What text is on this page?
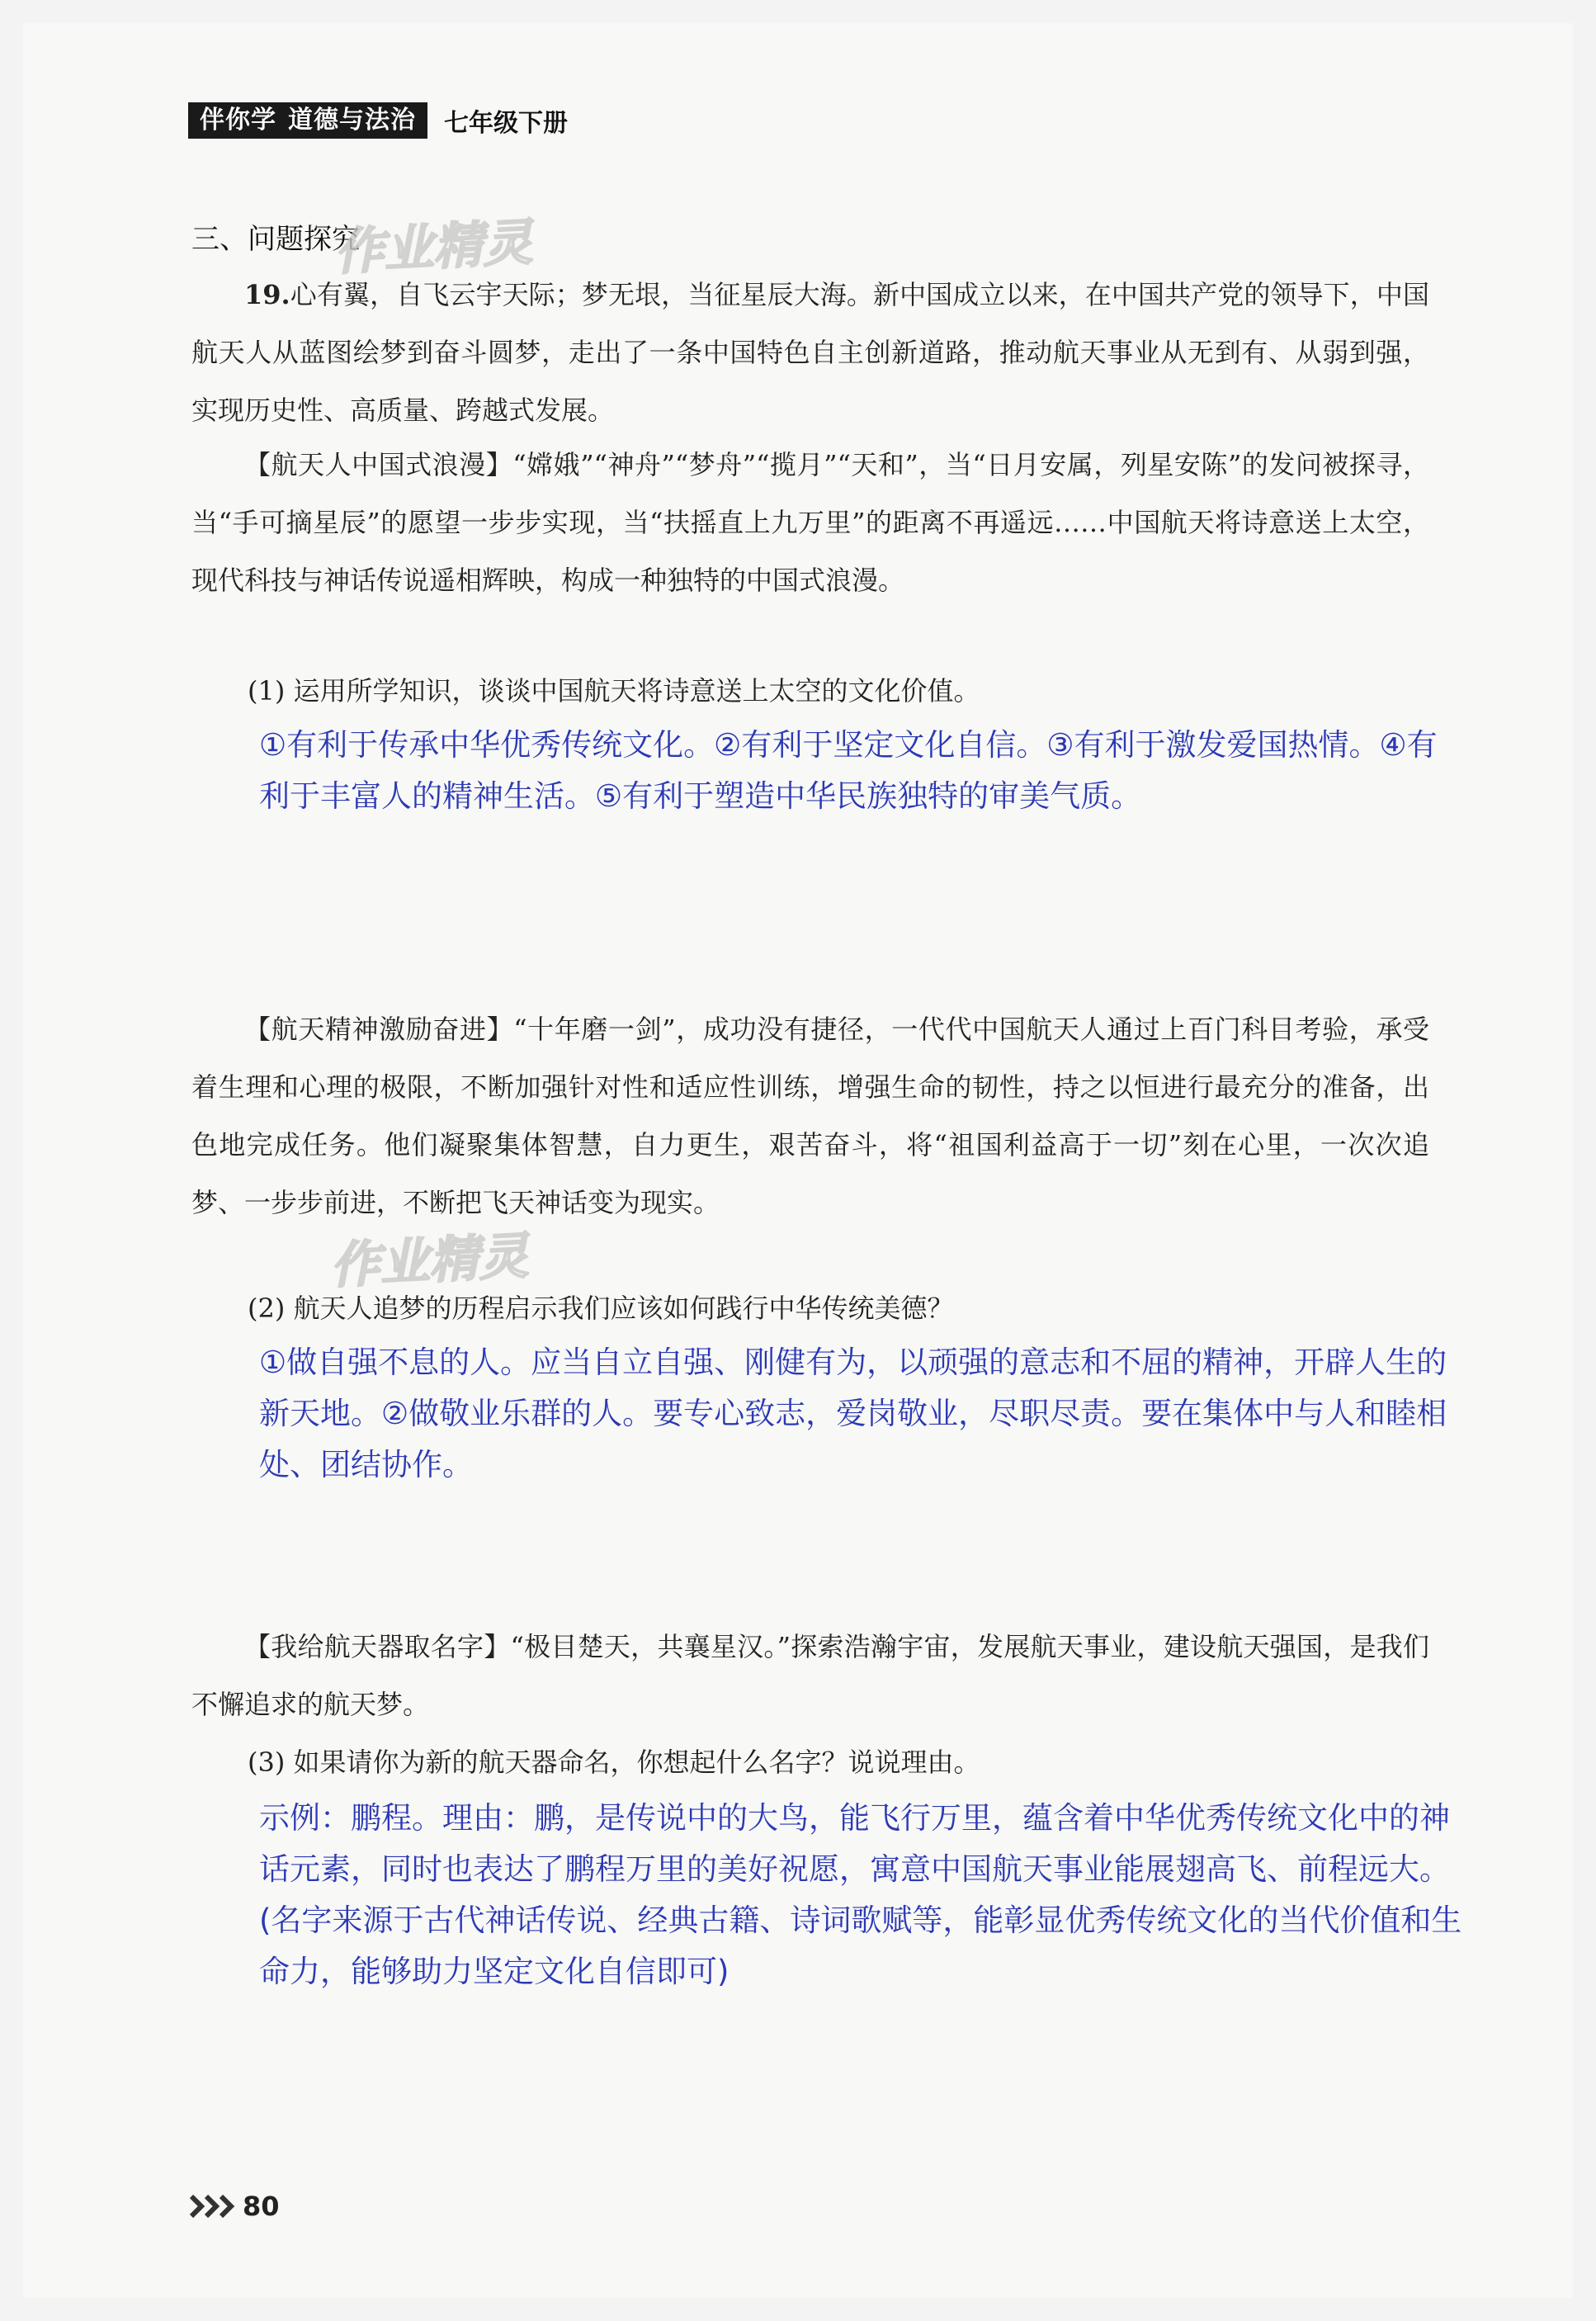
伴你学 道德与法治 七年级下册
三、问题探究
作业精灵
作业精灵

19.心有翼，自飞云宇天际；梦无垠，当征星辰大海。新中国成立以来，在中国共产党的领导下，中国航天人从蓝图绘梦到奋斗圆梦，走出了一条中国特色自主创新道路，推动航天事业从无到有、从弱到强，实现历史性、高质量、跨越式发展。

【航天人中国式浪漫】“嫦娥”“神舟”“梦舟”“揽月”“天和”，当“日月安属，列星安陈”的发问被探寻，当“手可摘星辰”的愿望一步步实现，当“扶摇直上九万里”的距离不再遥远……中国航天将诗意送上太空，现代科技与神话传说遥相辉映，构成一种独特的中国式浪漫。

(1) 运用所学知识，谈谈中国航天将诗意送上太空的文化价值。

①有利于传承中华优秀传统文化。②有利于坚定文化自信。③有利于激发爱国热情。④有利于丰富人的精神生活。⑤有利于塑造中华民族独特的审美气质。

【航天精神激励奋进】“十年磨一剑”，成功没有捷径，一代代中国航天人通过上百门科目考验，承受着生理和心理的极限，不断加强针对性和适应性训练，增强生命的韧性，持之以恒进行最充分的准备，出色地完成任务。他们凝聚集体智慧，自力更生，艰苦奋斗，将“祖国利益高于一切”刻在心里，一次次追梦、一步步前进，不断把飞天神话变为现实。

(2) 航天人追梦的历程启示我们应该如何践行中华传统美德？

①做自强不息的人。应当自立自强、刚健有为，以顽强的意志和不屈的精神，开辟人生的新天地。②做敬业乐群的人。要专心致志，爱岗敬业，尽职尽责。要在集体中与人和睦相处、团结协作。

【我给航天器取名字】“极目楚天，共襄星汉。”探索浩瀚宇宙，发展航天事业，建设航天强国，是我们不懈追求的航天梦。

(3) 如果请你为新的航天器命名，你想起什么名字？说说理由。

示例：鹏程。理由：鹏，是传说中的大鸟，能飞行万里，蕴含着中华优秀传统文化中的神话元素，同时也表达了鹏程万里的美好祝愿，寓意中国航天事业能展翅高飞、前程远大。(名字来源于古代神话传说、经典古籍、诗词歌赋等，能彰显优秀传统文化的当代价值和生命力，能够助力坚定文化自信即可)

80
